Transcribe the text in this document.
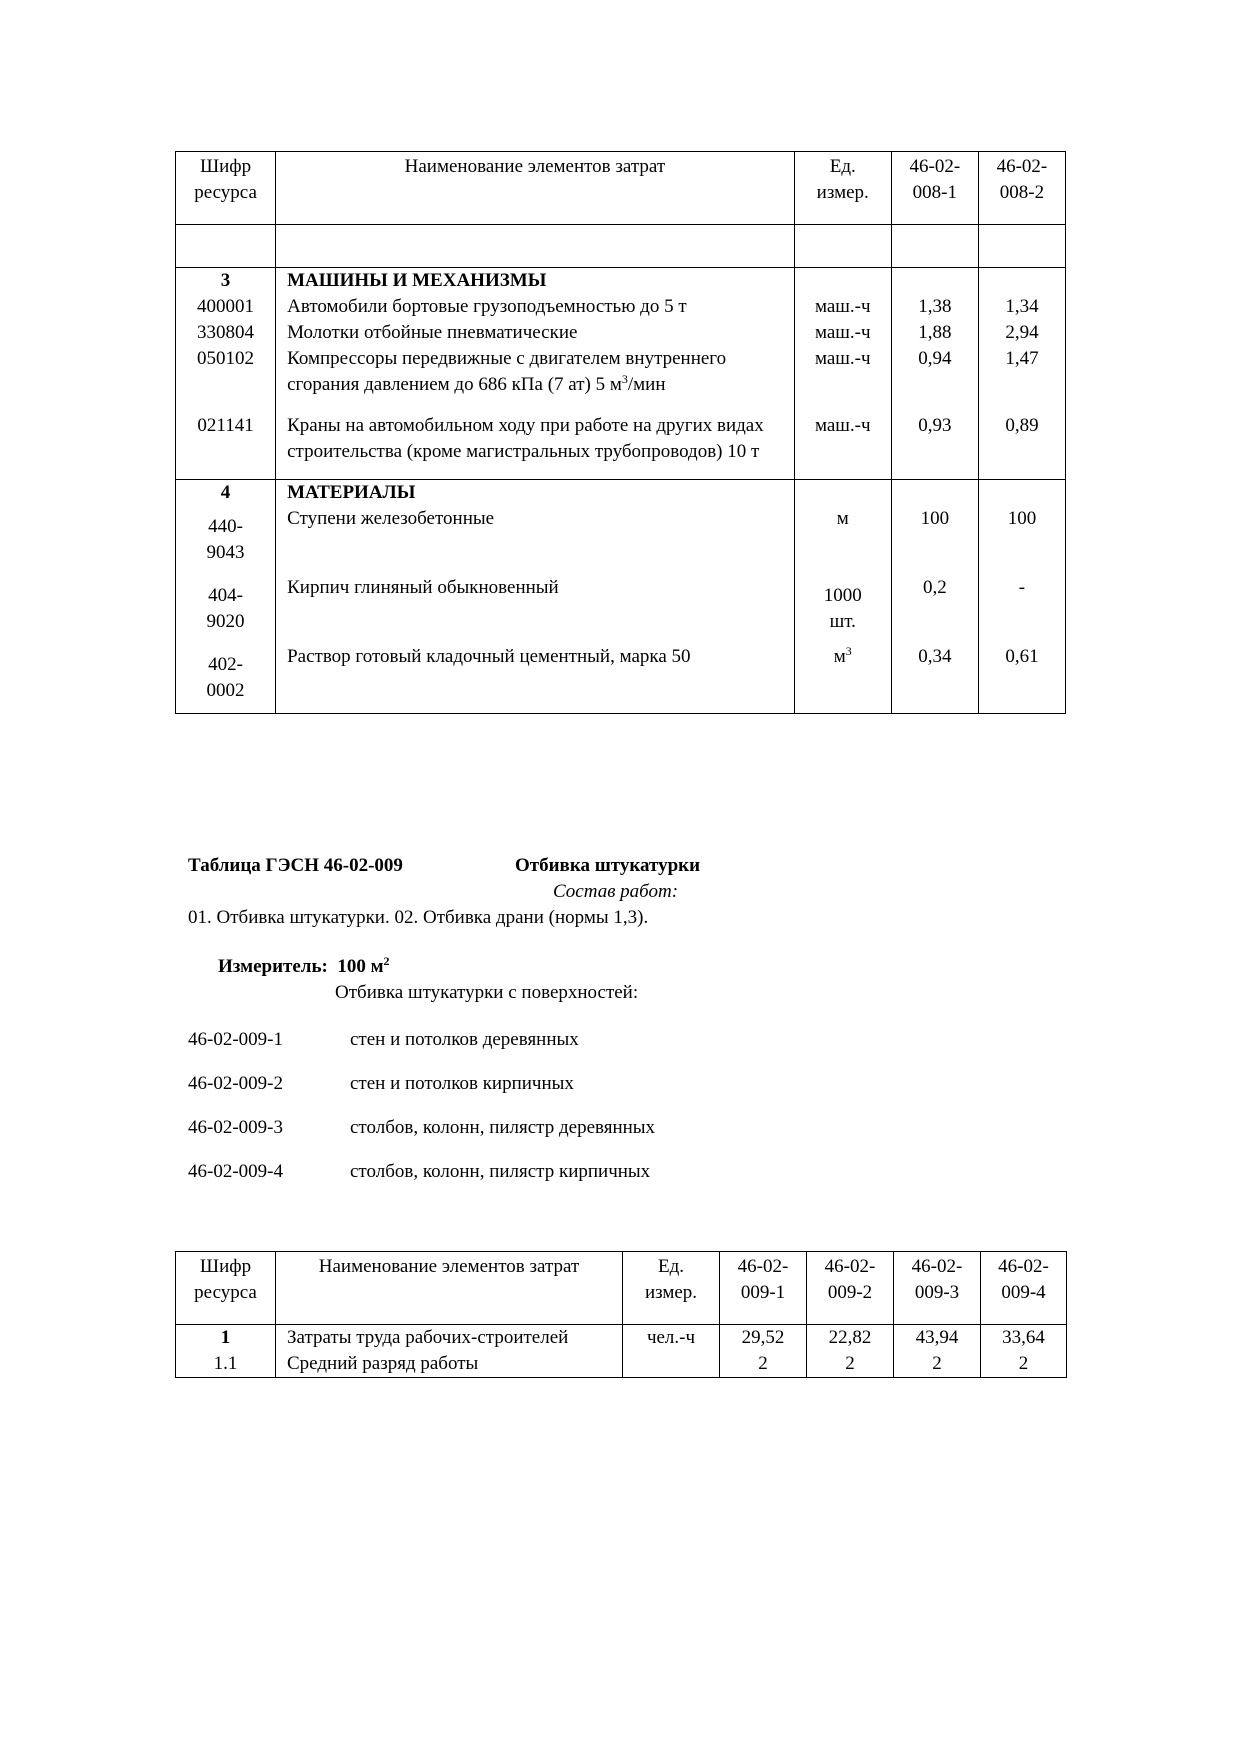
Шифр ресурса	Наименование элементов затрат	Ед. измер.	46-02-008-1	46-02-008-2

3	МАШИНЫ И МЕХАНИЗМЫ			
400001	Автомобили бортовые грузоподъемностью до 5 т	маш.-ч	1,38	1,34
330804	Молотки отбойные пневматические	маш.-ч	1,88	2,94
050102	Компрессоры передвижные с двигателем внутреннего сгорания давлением до 686 кПа (7 ат) 5 $м^3$/мин	маш.-ч	0,94	1,47
021141	Краны на автомобильном ходу при работе на других видах строительства (кроме магистральных трубопроводов) 10 т	маш.-ч	0,93	0,89
4	МАТЕРИАЛЫ			
440-9043	Ступени железобетонные	м	100	100
404-9020	Кирпич глиняный обыкновенный	1000 шт.	0,2	-
402-0002	Раствор готовый кладочный цементный, марка 50	$м^3$	0,34	0,61
Таблица ГЭСН 46-02-009	Отбивка штукатурки
Состав работ:
01. Отбивка штукатурки. 02. Отбивка драни (нормы 1,3).
Измеритель: 100 $м^2$
Отбивка штукатурки с поверхностей:
46-02-009-1	стен и потолков деревянных
46-02-009-2	стен и потолков кирпичных
46-02-009-3	столбов, колонн, пилястр деревянных
46-02-009-4	столбов, колонн, пилястр кирпичных
Шифр ресурса	Наименование элементов затрат	Ед. измер.	46-02-009-1	46-02-009-2	46-02-009-3	46-02-009-4
1	Затраты труда рабочих-строителей	чел.-ч	29,52	22,82	43,94	33,64
1.1	Средний разряд работы		2	2	2	2
